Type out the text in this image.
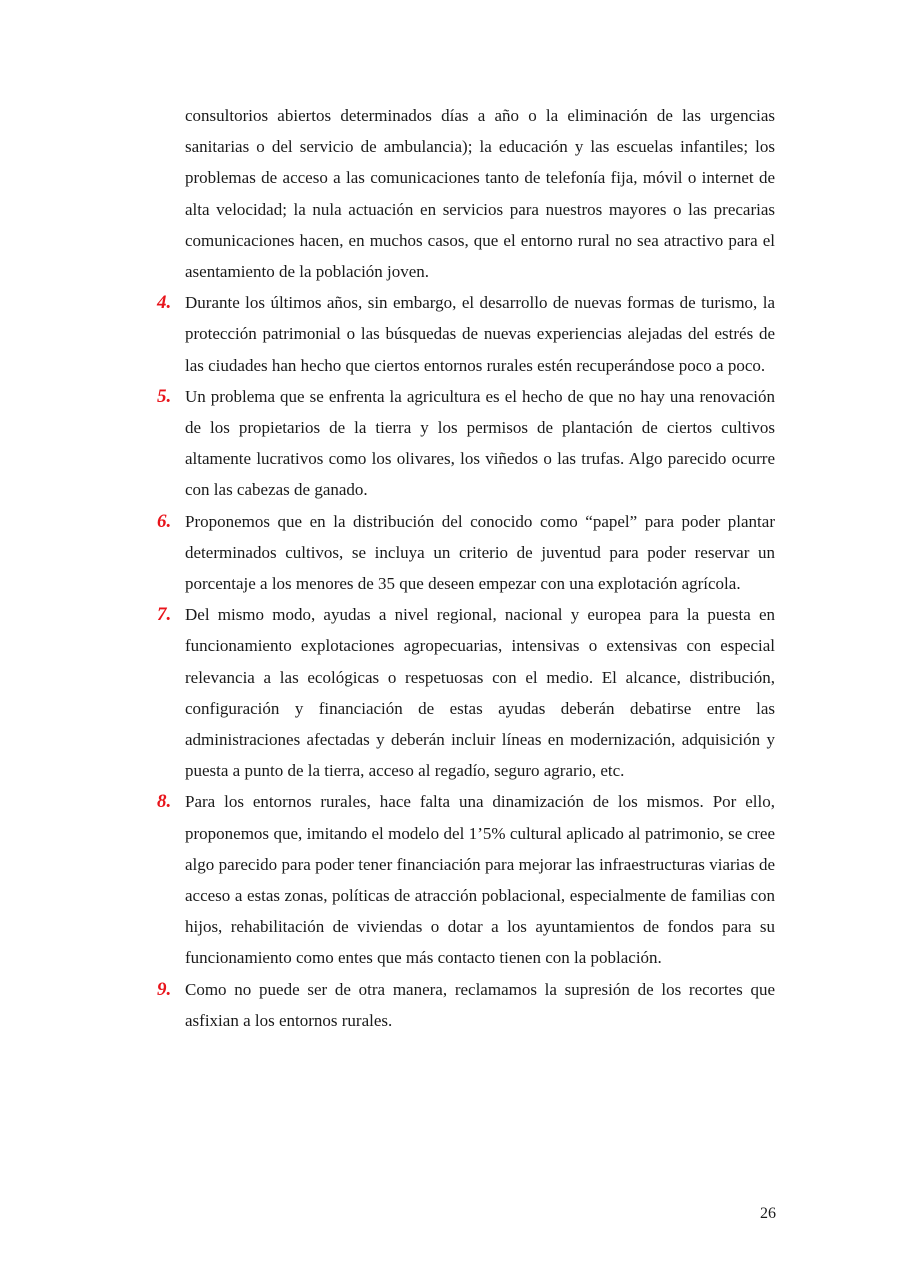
consultorios abiertos determinados días a año o la eliminación de las urgencias sanitarias o del servicio de ambulancia); la educación y las escuelas infantiles; los problemas de acceso a las comunicaciones tanto de telefonía fija, móvil o internet de alta velocidad; la nula actuación en servicios para nuestros mayores o las precarias comunicaciones hacen, en muchos casos, que el entorno rural no sea atractivo para el asentamiento de la población joven.

4. Durante los últimos años, sin embargo, el desarrollo de nuevas formas de turismo, la protección patrimonial o las búsquedas de nuevas experiencias alejadas del estrés de las ciudades han hecho que ciertos entornos rurales estén recuperándose poco a poco.
5. Un problema que se enfrenta la agricultura es el hecho de que no hay una renovación de los propietarios de la tierra y los permisos de plantación de ciertos cultivos altamente lucrativos como los olivares, los viñedos o las trufas. Algo parecido ocurre con las cabezas de ganado.
6. Proponemos que en la distribución del conocido como “papel” para poder plantar determinados cultivos, se incluya un criterio de juventud para poder reservar un porcentaje a los menores de 35 que deseen empezar con una explotación agrícola.
7. Del mismo modo, ayudas a nivel regional, nacional y europea para la puesta en funcionamiento explotaciones agropecuarias, intensivas o extensivas con especial relevancia a las ecológicas o respetuosas con el medio. El alcance, distribución, configuración y financiación de estas ayudas deberán debatirse entre las administraciones afectadas y deberán incluir líneas en modernización, adquisición y puesta a punto de la tierra, acceso al regadío, seguro agrario, etc.
8. Para los entornos rurales, hace falta una dinamización de los mismos. Por ello, proponemos que, imitando el modelo del 1’5% cultural aplicado al patrimonio, se cree algo parecido para poder tener financiación para mejorar las infraestructuras viarias de acceso a estas zonas, políticas de atracción poblacional, especialmente de familias con hijos, rehabilitación de viviendas o dotar a los ayuntamientos de fondos para su funcionamiento como entes que más contacto tienen con la población.
9. Como no puede ser de otra manera, reclamamos la supresión de los recortes que asfixian a los entornos rurales.
26
